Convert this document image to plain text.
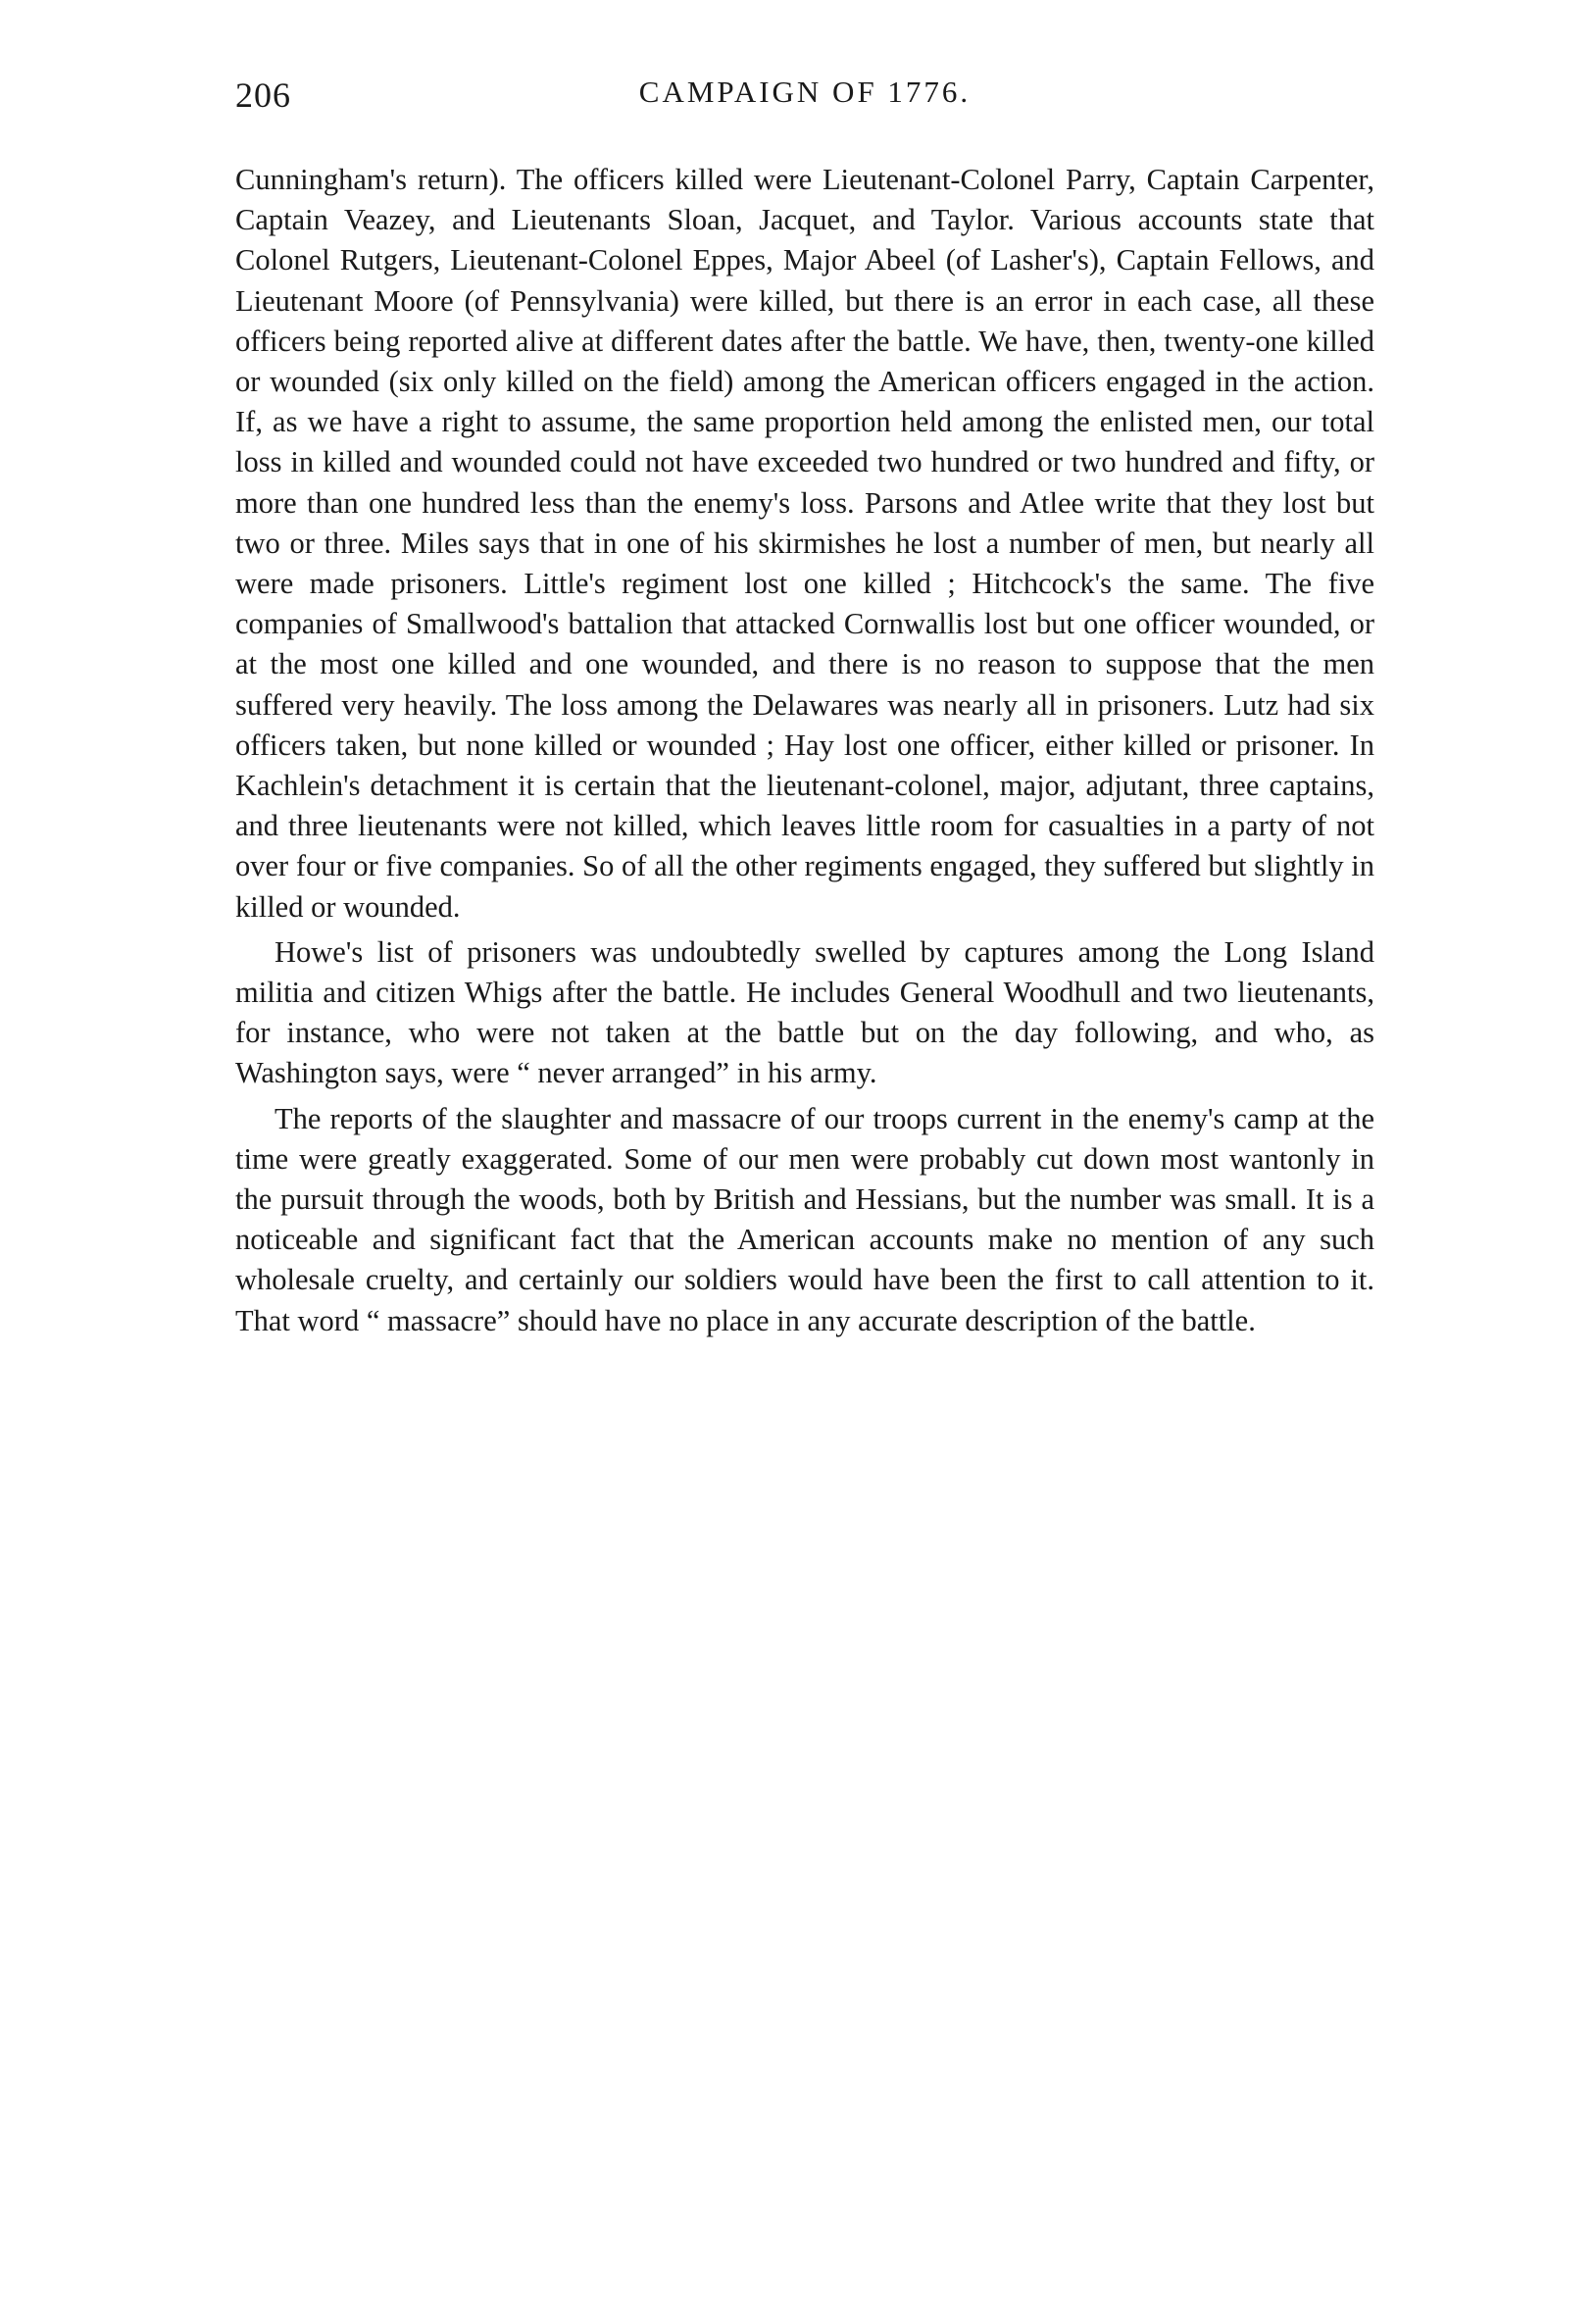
206	CAMPAIGN OF 1776.

Cunningham's return). The officers killed were Lieutenant-Colonel Parry, Captain Carpenter, Captain Veazey, and Lieutenants Sloan, Jacquet, and Taylor. Various accounts state that Colonel Rutgers, Lieutenant-Colonel Eppes, Major Abeel (of Lasher's), Captain Fellows, and Lieutenant Moore (of Pennsylvania) were killed, but there is an error in each case, all these officers being reported alive at different dates after the battle. We have, then, twenty-one killed or wounded (six only killed on the field) among the American officers engaged in the action. If, as we have a right to assume, the same proportion held among the enlisted men, our total loss in killed and wounded could not have exceeded two hundred or two hundred and fifty, or more than one hundred less than the enemy's loss. Parsons and Atlee write that they lost but two or three. Miles says that in one of his skirmishes he lost a number of men, but nearly all were made prisoners. Little's regiment lost one killed ; Hitchcock's the same. The five companies of Smallwood's battalion that attacked Cornwallis lost but one officer wounded, or at the most one killed and one wounded, and there is no reason to suppose that the men suffered very heavily. The loss among the Delawares was nearly all in prisoners. Lutz had six officers taken, but none killed or wounded ; Hay lost one officer, either killed or prisoner. In Kachlein's detachment it is certain that the lieutenant-colonel, major, adjutant, three captains, and three lieutenants were not killed, which leaves little room for casualties in a party of not over four or five companies. So of all the other regiments engaged, they suffered but slightly in killed or wounded.

Howe's list of prisoners was undoubtedly swelled by captures among the Long Island militia and citizen Whigs after the battle. He includes General Woodhull and two lieutenants, for instance, who were not taken at the battle but on the day following, and who, as Washington says, were “ never arranged” in his army.

The reports of the slaughter and massacre of our troops current in the enemy's camp at the time were greatly exaggerated. Some of our men were probably cut down most wantonly in the pursuit through the woods, both by British and Hessians, but the number was small. It is a noticeable and significant fact that the American accounts make no mention of any such wholesale cruelty, and certainly our soldiers would have been the first to call attention to it. That word “ massacre” should have no place in any accurate description of the battle.
